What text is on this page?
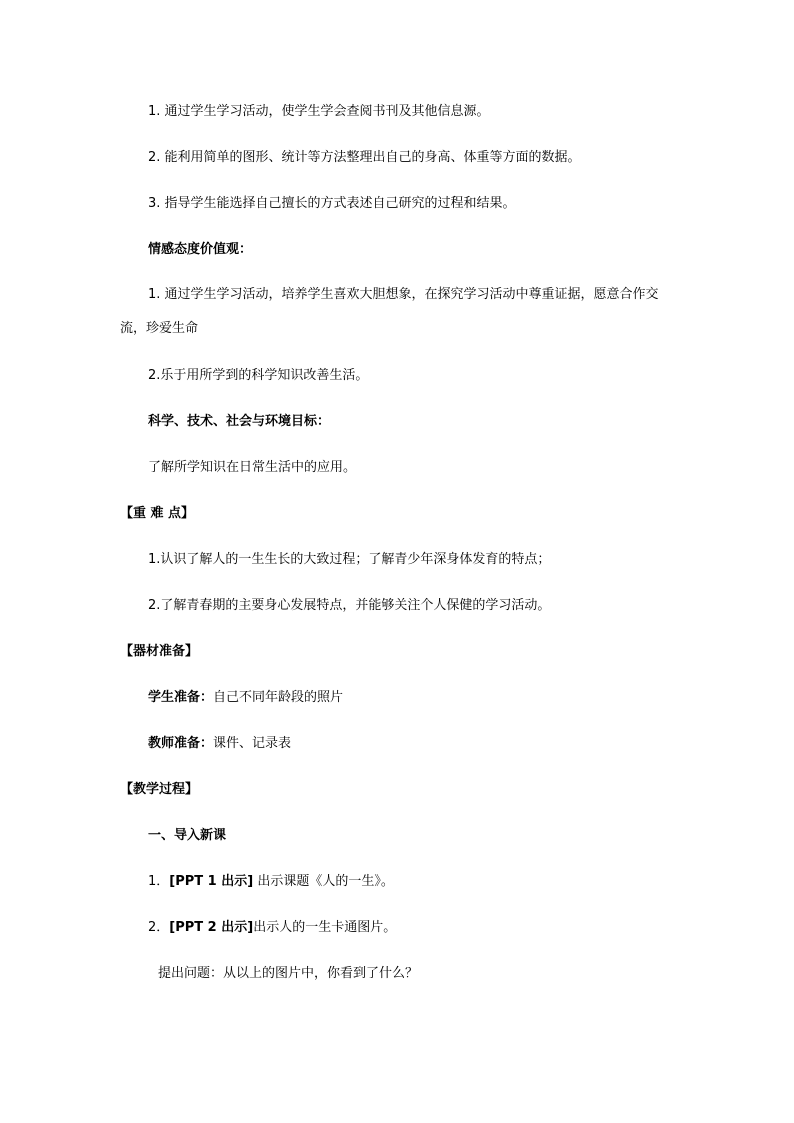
1. 通过学生学习活动，使学生学会查阅书刊及其他信息源。
2. 能利用简单的图形、统计等方法整理出自己的身高、体重等方面的数据。
3. 指导学生能选择自己擅长的方式表述自己研究的过程和结果。
情感态度价值观：
1. 通过学生学习活动，培养学生喜欢大胆想象，在探究学习活动中尊重证据，愿意合作交流，珍爱生命
2.乐于用所学到的科学知识改善生活。
科学、技术、社会与环境目标：
了解所学知识在日常生活中的应用。
【重 难 点】
1.认识了解人的一生生长的大致过程；了解青少年深身体发育的特点；
2.了解青春期的主要身心发展特点，并能够关注个人保健的学习活动。
【器材准备】
学生准备：自己不同年龄段的照片
教师准备：课件、记录表
【教学过程】
一、导入新课
1．[PPT 1 出示] 出示课题《人的一生》。
2．[PPT 2 出示]出示人的一生卡通图片。
提出问题：从以上的图片中，你看到了什么？
